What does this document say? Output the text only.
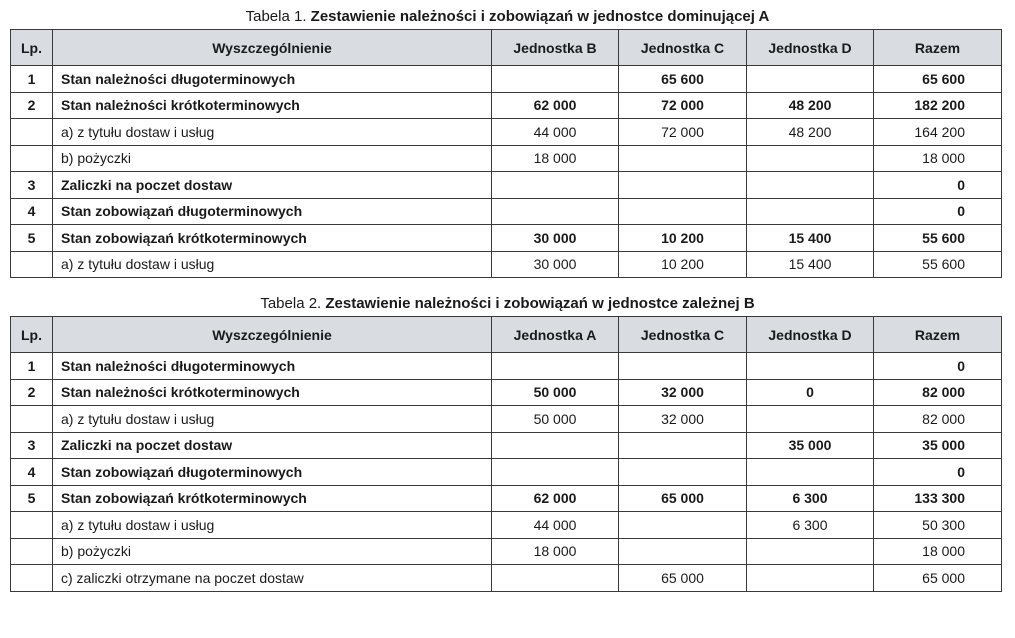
Tabela 1. Zestawienie należności i zobowiązań w jednostce dominującej A
Lp.	Wyszczególnienie	Jednostka B	Jednostka C	Jednostka D	Razem
1	Stan należności długoterminowych		65 600		65 600
2	Stan należności krótkoterminowych	62 000	72 000	48 200	182 200
	a) z tytułu dostaw i usług	44 000	72 000	48 200	164 200
	b) pożyczki	18 000			18 000
3	Zaliczki na poczet dostaw				0
4	Stan zobowiązań długoterminowych				0
5	Stan zobowiązań krótkoterminowych	30 000	10 200	15 400	55 600
	a) z tytułu dostaw i usług	30 000	10 200	15 400	55 600
Tabela 2. Zestawienie należności i zobowiązań w jednostce zależnej B
Lp.	Wyszczególnienie	Jednostka A	Jednostka C	Jednostka D	Razem
1	Stan należności długoterminowych				0
2	Stan należności krótkoterminowych	50 000	32 000	0	82 000
	a) z tytułu dostaw i usług	50 000	32 000		82 000
3	Zaliczki na poczet dostaw			35 000	35 000
4	Stan zobowiązań długoterminowych				0
5	Stan zobowiązań krótkoterminowych	62 000	65 000	6 300	133 300
	a) z tytułu dostaw i usług	44 000		6 300	50 300
	b) pożyczki	18 000			18 000
	c) zaliczki otrzymane na poczet dostaw		65 000		65 000
